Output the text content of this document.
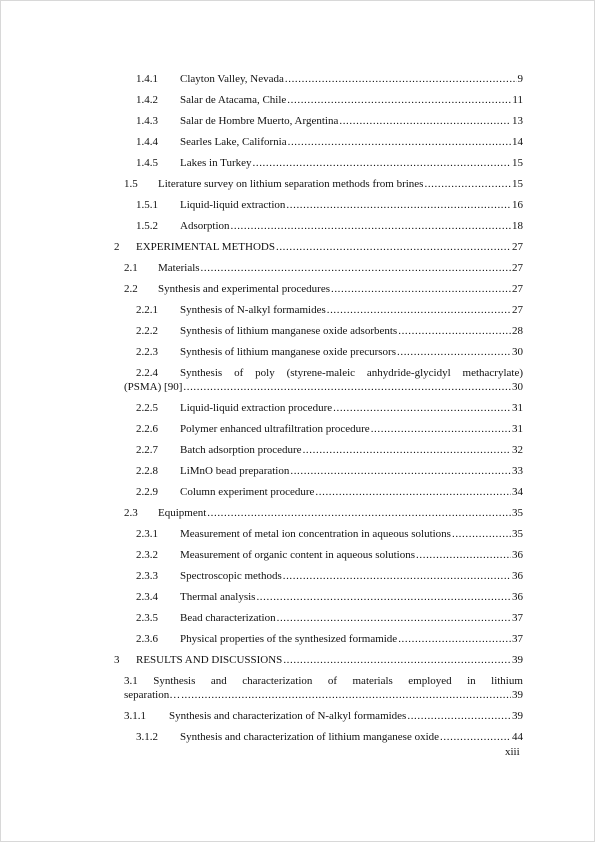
1.4.1	Clayton Valley, Nevada .....	9
1.4.2	Salar de Atacama, Chile .....	11
1.4.3	Salar de Hombre Muerto, Argentina .....	13
1.4.4	Searles Lake, California .....	14
1.4.5	Lakes in Turkey .....	15
1.5	Literature survey on lithium separation methods from brines .....	15
1.5.1	Liquid-liquid extraction .....	16
1.5.2	Adsorption .....	18
2	EXPERIMENTAL METHODS .....	27
2.1	Materials .....	27
2.2	Synthesis and experimental procedures .....	27
2.2.1	Synthesis of N-alkyl formamides .....	27
2.2.2	Synthesis of lithium manganese oxide adsorbents .....	28
2.2.3	Synthesis of lithium manganese oxide precursors .....	30
2.2.4	Synthesis of poly (styrene-maleic anhydride-glycidyl methacrylate)
(PSMA) [90] .....	30
2.2.5	Liquid-liquid extraction procedure .....	31
2.2.6	Polymer enhanced ultrafiltration procedure .....	31
2.2.7	Batch adsorption procedure .....	32
2.2.8	LiMnO bead preparation .....	33
2.2.9	Column experiment procedure .....	34
2.3	Equipment .....	35
2.3.1	Measurement of metal ion concentration in aqueous solutions .....	35
2.3.2	Measurement of organic content in aqueous solutions .....	36
2.3.3	Spectroscopic methods .....	36
2.3.4	Thermal analysis .....	36
2.3.5	Bead characterization .....	37
2.3.6	Physical properties of the synthesized formamide .....	37
3	RESULTS AND DISCUSSIONS .....	39
3.1 Synthesis and characterization of materials employed in lithium
separation… .....	39
3.1.1	Synthesis and characterization of N-alkyl formamides .....	39
3.1.2	Synthesis and characterization of lithium manganese oxide .....	44
xiii
